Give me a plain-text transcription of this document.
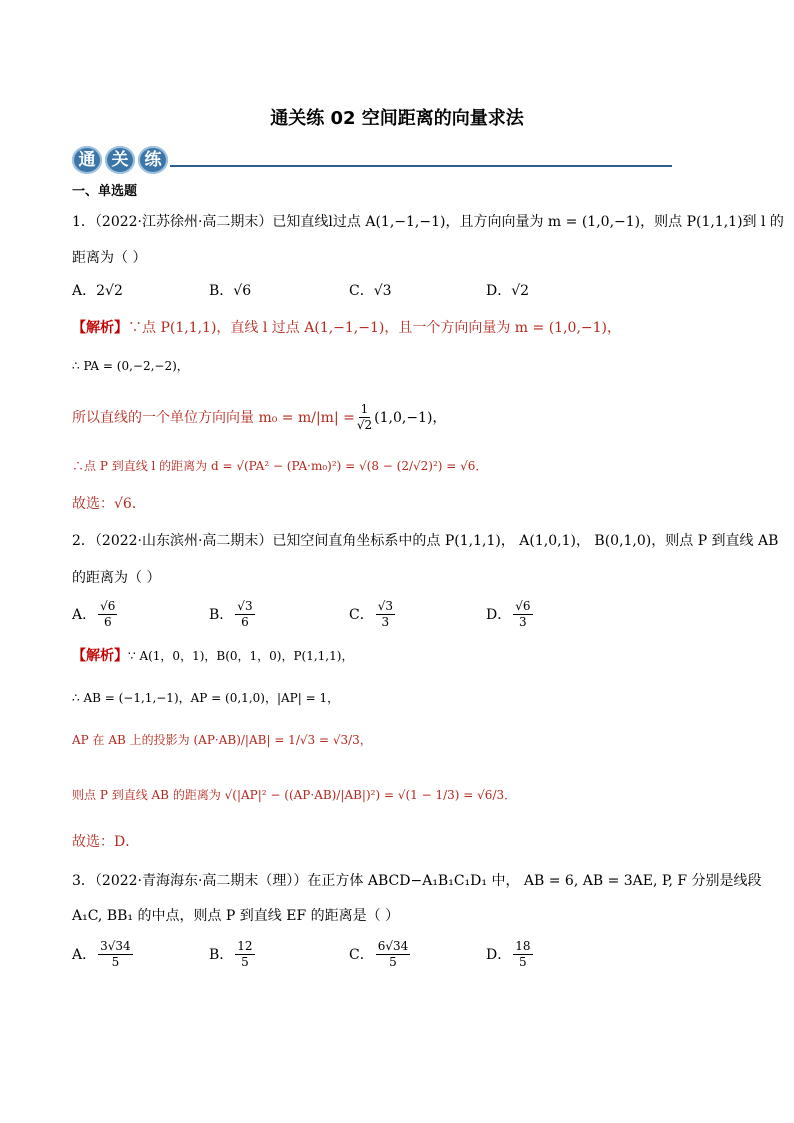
通关练 02 空间距离的向量求法
通 关 练
一、单选题
1．（2022·江苏徐州·高二期末）已知直线l过点 A(1,−1,−1)，且方向向量为 m = (1,0,−1)，则点 P(1,1,1)到 l 的
距离为（ ）
A．2√2	B．√6	C．√3	D．√2
【解析】∵点 P(1,1,1)，直线 l 过点 A(1,−1,−1)，且一个方向向量为 m = (1,0,−1)，
∴ PA = (0,−2,−2)，
所以直线的一个单位方向向量 $m_0 = m/|m| = \frac{1}{√2} (1,0,-1)$，
∴点 P 到直线 l 的距离为 d = √(PA² − (PA·m₀)²) = √(8 − (2/√2)²) = √6．
故选：√6．
2．（2022·山东滨州·高二期末）已知空间直角坐标系中的点 P(1,1,1)， A(1,0,1)， B(0,1,0)，则点 P 到直线 AB
的距离为（ ）
A． $\frac{√6}{6}$	B． $\frac{√3}{6}$	C． $\frac{√3}{3}$	D． $\frac{√6}{3}$
【解析】∵ A(1，0，1)，B(0，1，0)，P(1,1,1)，
∴ AB = (−1,1,−1)，AP = (0,1,0)，|AP| = 1，
AP 在 AB 上的投影为 (AP·AB)/|AB| = 1/√3 = √3/3，
则点 P 到直线 AB 的距离为 √(|AP|² − ((AP·AB)/|AB|)²) = √(1 − 1/3) = √6/3．
故选：D．
3．（2022·青海海东·高二期末（理））在正方体 ABCD−A₁B₁C₁D₁ 中， AB = 6, AB = 3AE, P, F 分别是线段
A₁C, BB₁ 的中点，则点 P 到直线 EF 的距离是（ ）
A． $\frac{3√34}{5}$	B． $\frac{12}{5}$	C． $\frac{6√34}{5}$	D． $\frac{18}{5}$
